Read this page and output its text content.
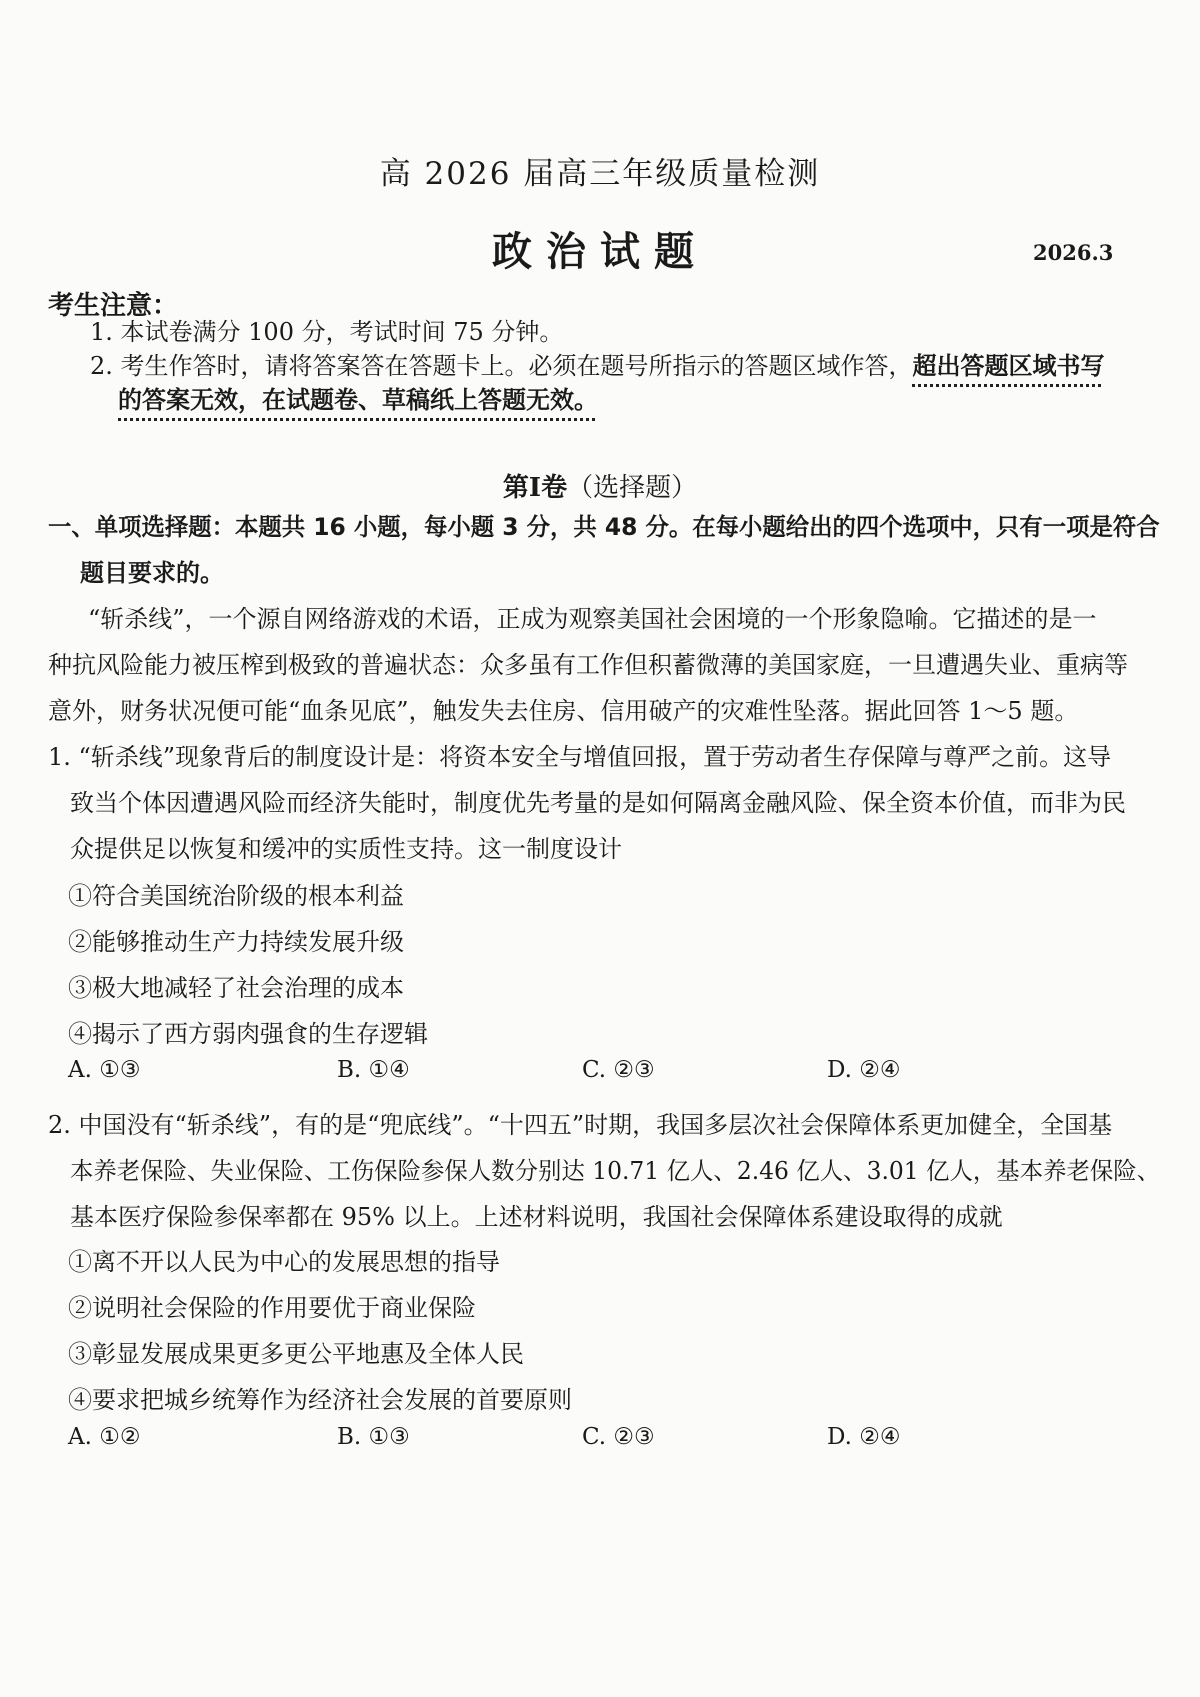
高 2026 届高三年级质量检测
政治试题	2026.3
考生注意：
1. 本试卷满分 100 分，考试时间 75 分钟。
2. 考生作答时，请将答案答在答题卡上。必须在题号所指示的答题区域作答，超出答题区域书写
的答案无效，在试题卷、草稿纸上答题无效。
第Ⅰ卷（选择题）
一、单项选择题：本题共 16 小题，每小题 3 分，共 48 分。在每小题给出的四个选项中，只有一项是符合
题目要求的。
“斩杀线”，一个源自网络游戏的术语，正成为观察美国社会困境的一个形象隐喻。它描述的是一
种抗风险能力被压榨到极致的普遍状态：众多虽有工作但积蓄微薄的美国家庭，一旦遭遇失业、重病等
意外，财务状况便可能“血条见底”，触发失去住房、信用破产的灾难性坠落。据此回答 1～5 题。
1. “斩杀线”现象背后的制度设计是：将资本安全与增值回报，置于劳动者生存保障与尊严之前。这导
致当个体因遭遇风险而经济失能时，制度优先考量的是如何隔离金融风险、保全资本价值，而非为民
众提供足以恢复和缓冲的实质性支持。这一制度设计
①符合美国统治阶级的根本利益
②能够推动生产力持续发展升级
③极大地减轻了社会治理的成本
④揭示了西方弱肉强食的生存逻辑
A. ①③	B. ①④	C. ②③	D. ②④
2. 中国没有“斩杀线”，有的是“兜底线”。“十四五”时期，我国多层次社会保障体系更加健全，全国基
本养老保险、失业保险、工伤保险参保人数分别达 10.71 亿人、2.46 亿人、3.01 亿人，基本养老保险、
基本医疗保险参保率都在 95% 以上。上述材料说明，我国社会保障体系建设取得的成就
①离不开以人民为中心的发展思想的指导
②说明社会保险的作用要优于商业保险
③彰显发展成果更多更公平地惠及全体人民
④要求把城乡统筹作为经济社会发展的首要原则
A. ①②	B. ①③	C. ②③	D. ②④
